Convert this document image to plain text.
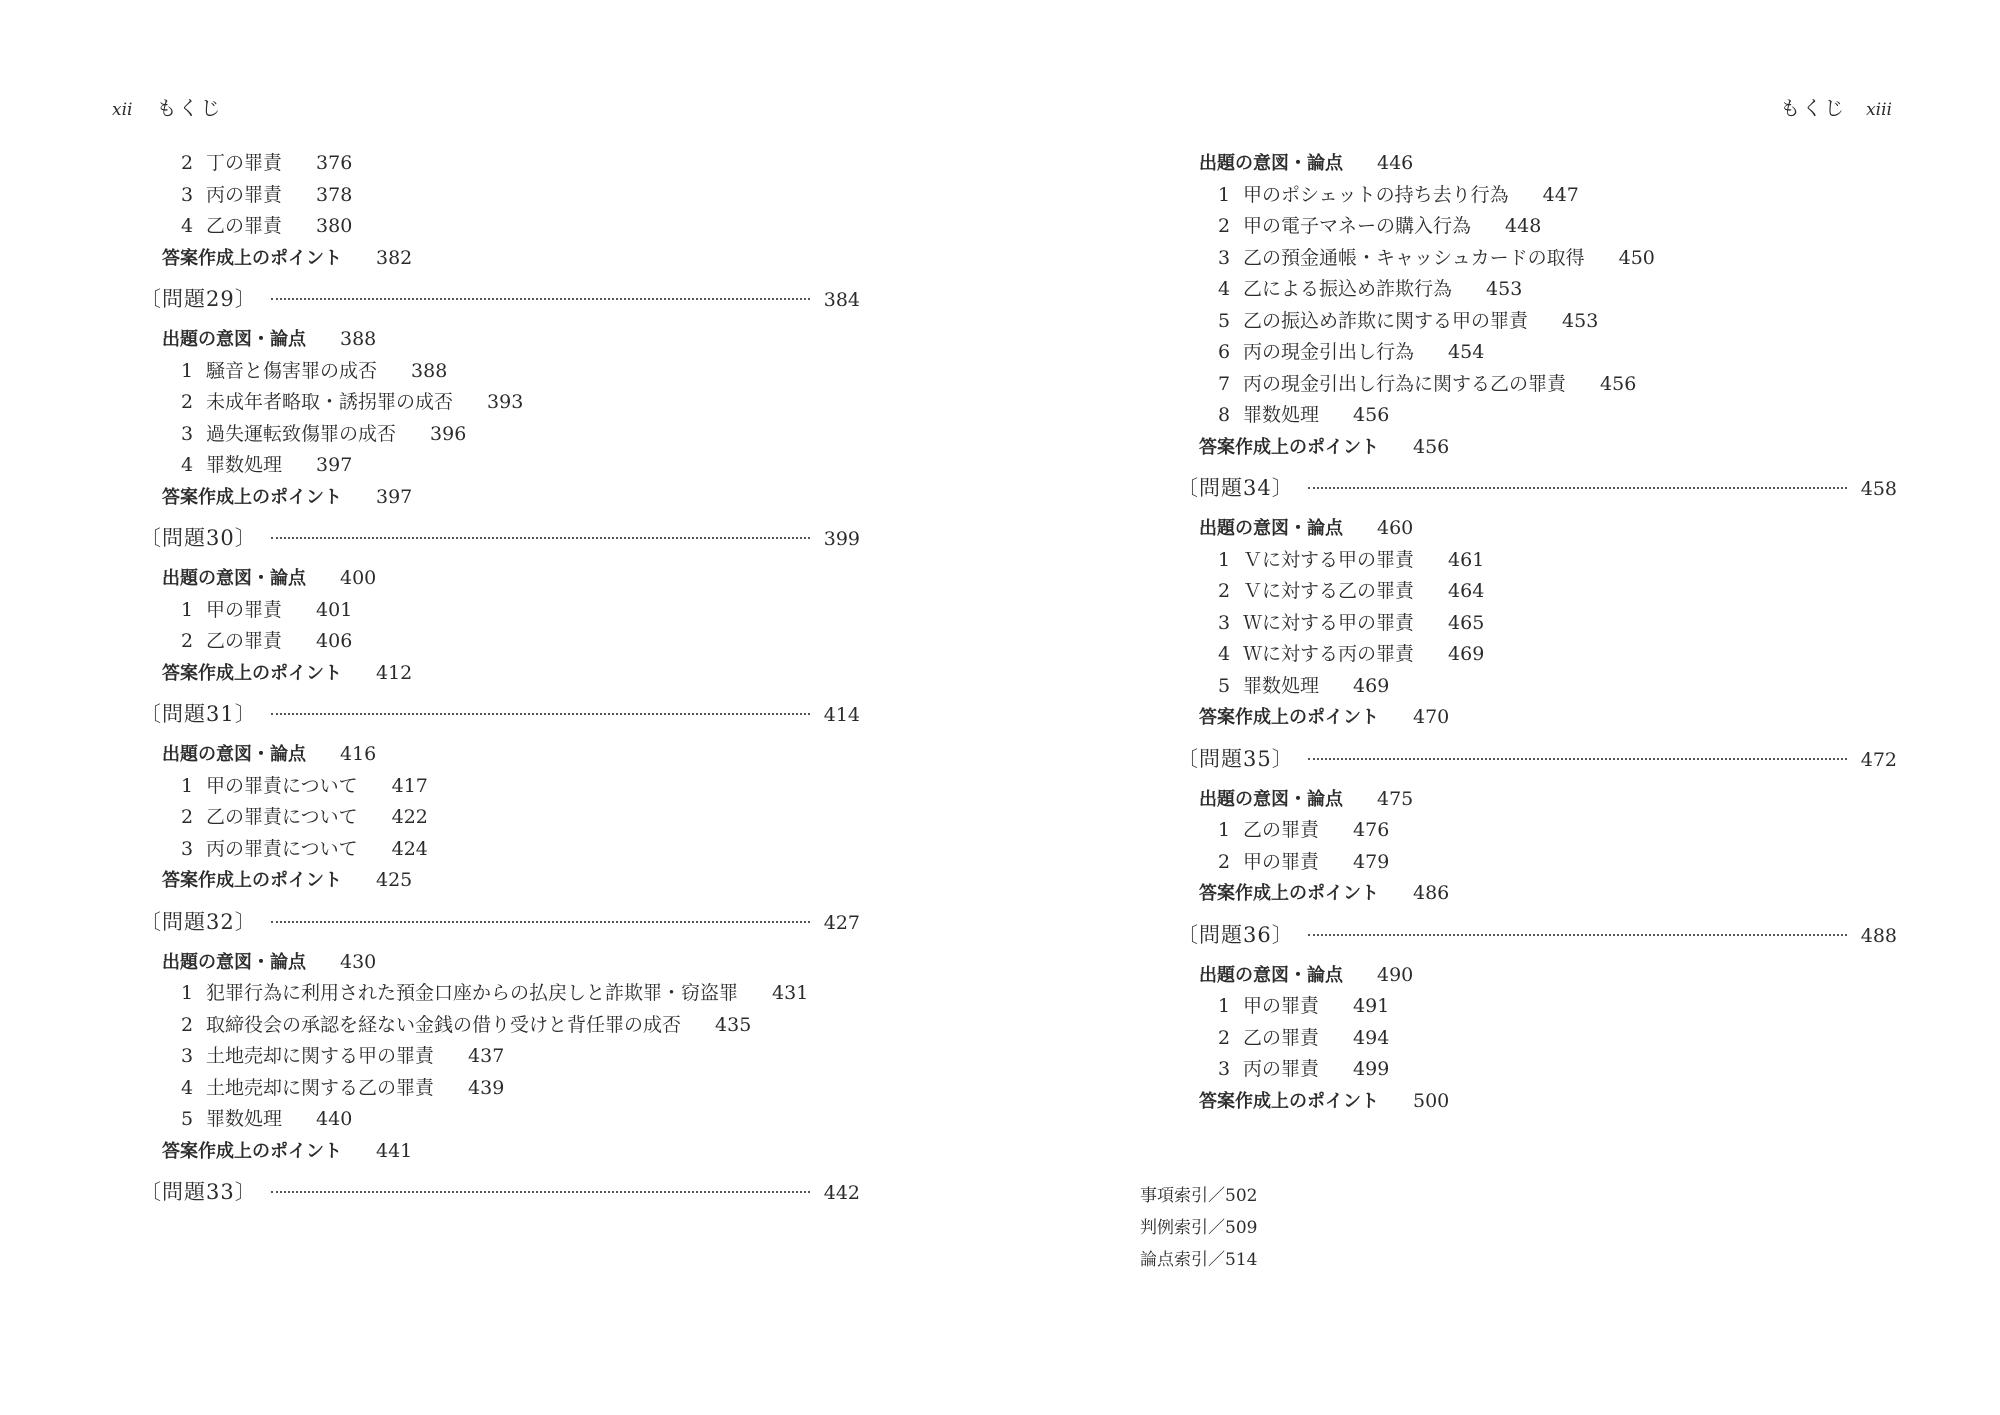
xii もくじ
2 丁の罪責 376
3 丙の罪責 378
4 乙の罪責 380
答案作成上のポイント 382
〔問題29〕	384
出題の意図・論点 388
1 騒音と傷害罪の成否 388
2 未成年者略取・誘拐罪の成否 393
3 過失運転致傷罪の成否 396
4 罪数処理 397
答案作成上のポイント 397
〔問題30〕	399
出題の意図・論点 400
1 甲の罪責 401
2 乙の罪責 406
答案作成上のポイント 412
〔問題31〕	414
出題の意図・論点 416
1 甲の罪責について 417
2 乙の罪責について 422
3 丙の罪責について 424
答案作成上のポイント 425
〔問題32〕	427
出題の意図・論点 430
1 犯罪行為に利用された預金口座からの払戻しと詐欺罪・窃盗罪 431
2 取締役会の承認を経ない金銭の借り受けと背任罪の成否 435
3 土地売却に関する甲の罪責 437
4 土地売却に関する乙の罪責 439
5 罪数処理 440
答案作成上のポイント 441
〔問題33〕	442
もくじ xiii
出題の意図・論点 446
1 甲のポシェットの持ち去り行為 447
2 甲の電子マネーの購入行為 448
3 乙の預金通帳・キャッシュカードの取得 450
4 乙による振込め詐欺行為 453
5 乙の振込め詐欺に関する甲の罪責 453
6 丙の現金引出し行為 454
7 丙の現金引出し行為に関する乙の罪責 456
8 罪数処理 456
答案作成上のポイント 456
〔問題34〕	458
出題の意図・論点 460
1 Ｖに対する甲の罪責 461
2 Ｖに対する乙の罪責 464
3 Ｗに対する甲の罪責 465
4 Ｗに対する丙の罪責 469
5 罪数処理 469
答案作成上のポイント 470
〔問題35〕	472
出題の意図・論点 475
1 乙の罪責 476
2 甲の罪責 479
答案作成上のポイント 486
〔問題36〕	488
出題の意図・論点 490
1 甲の罪責 491
2 乙の罪責 494
3 丙の罪責 499
答案作成上のポイント 500
事項索引／502
判例索引／509
論点索引／514
